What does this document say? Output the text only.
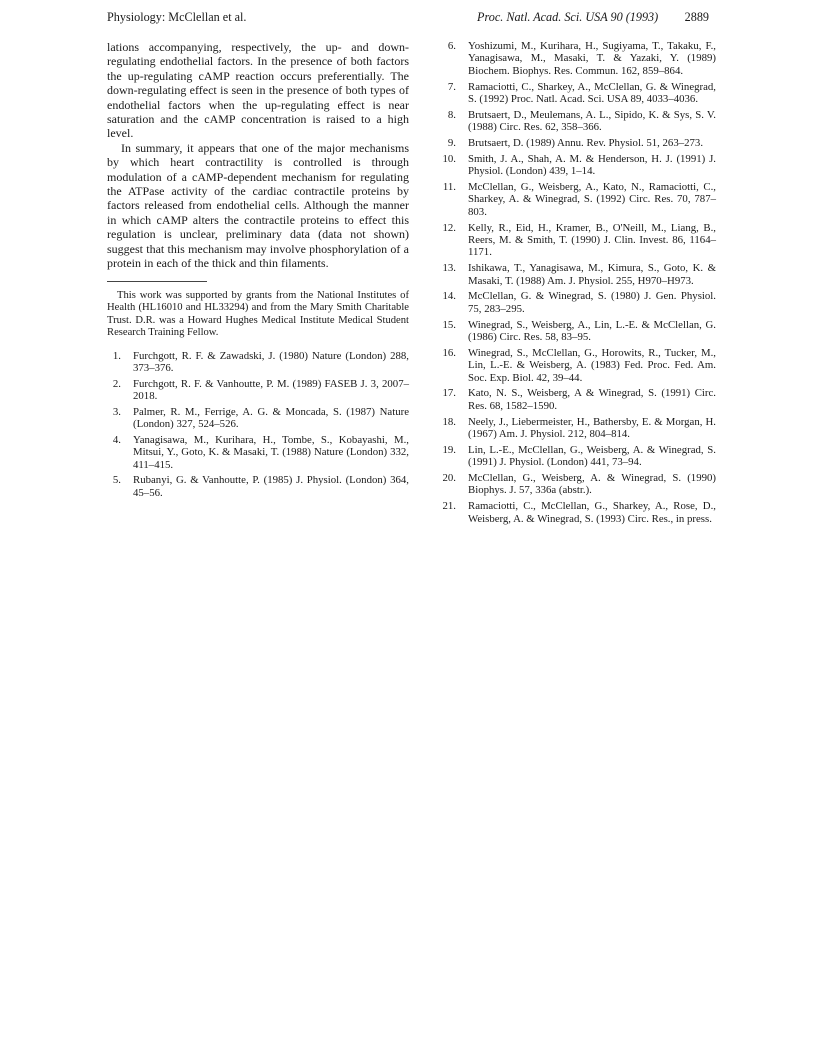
Physiology: McClellan et al.	Proc. Natl. Acad. Sci. USA 90 (1993) 2889

lations accompanying, respectively, the up- and down-regulating endothelial factors. In the presence of both factors the up-regulating cAMP reaction occurs preferentially. The down-regulating effect is seen in the presence of both types of endothelial factors when the up-regulating effect is near saturation and the cAMP concentration is raised to a high level.

In summary, it appears that one of the major mechanisms by which heart contractility is controlled is through modulation of a cAMP-dependent mechanism for regulating the ATPase activity of the cardiac contractile proteins by factors released from endothelial cells. Although the manner in which cAMP alters the contractile proteins to effect this regulation is unclear, preliminary data (data not shown) suggest that this mechanism may involve phosphorylation of a protein in each of the thick and thin filaments.

This work was supported by grants from the National Institutes of Health (HL16010 and HL33294) and from the Mary Smith Charitable Trust. D.R. was a Howard Hughes Medical Institute Medical Student Research Training Fellow.

1. Furchgott, R. F. & Zawadski, J. (1980) Nature (London) 288, 373–376.
2. Furchgott, R. F. & Vanhoutte, P. M. (1989) FASEB J. 3, 2007–2018.
3. Palmer, R. M., Ferrige, A. G. & Moncada, S. (1987) Nature (London) 327, 524–526.
4. Yanagisawa, M., Kurihara, H., Tombe, S., Kobayashi, M., Mitsui, Y., Goto, K. & Masaki, T. (1988) Nature (London) 332, 411–415.
5. Rubanyi, G. & Vanhoutte, P. (1985) J. Physiol. (London) 364, 45–56.
6. Yoshizumi, M., Kurihara, H., Sugiyama, T., Takaku, F., Yanagisawa, M., Masaki, T. & Yazaki, Y. (1989) Biochem. Biophys. Res. Commun. 162, 859–864.
7. Ramaciotti, C., Sharkey, A., McClellan, G. & Winegrad, S. (1992) Proc. Natl. Acad. Sci. USA 89, 4033–4036.
8. Brutsaert, D., Meulemans, A. L., Sipido, K. & Sys, S. V. (1988) Circ. Res. 62, 358–366.
9. Brutsaert, D. (1989) Annu. Rev. Physiol. 51, 263–273.
10. Smith, J. A., Shah, A. M. & Henderson, H. J. (1991) J. Physiol. (London) 439, 1–14.
11. McClellan, G., Weisberg, A., Kato, N., Ramaciotti, C., Sharkey, A. & Winegrad, S. (1992) Circ. Res. 70, 787–803.
12. Kelly, R., Eid, H., Kramer, B., O'Neill, M., Liang, B., Reers, M. & Smith, T. (1990) J. Clin. Invest. 86, 1164–1171.
13. Ishikawa, T., Yanagisawa, M., Kimura, S., Goto, K. & Masaki, T. (1988) Am. J. Physiol. 255, H970–H973.
14. McClellan, G. & Winegrad, S. (1980) J. Gen. Physiol. 75, 283–295.
15. Winegrad, S., Weisberg, A., Lin, L.-E. & McClellan, G. (1986) Circ. Res. 58, 83–95.
16. Winegrad, S., McClellan, G., Horowits, R., Tucker, M., Lin, L.-E. & Weisberg, A. (1983) Fed. Proc. Fed. Am. Soc. Exp. Biol. 42, 39–44.
17. Kato, N. S., Weisberg, A & Winegrad, S. (1991) Circ. Res. 68, 1582–1590.
18. Neely, J., Liebermeister, H., Bathersby, E. & Morgan, H. (1967) Am. J. Physiol. 212, 804–814.
19. Lin, L.-E., McClellan, G., Weisberg, A. & Winegrad, S. (1991) J. Physiol. (London) 441, 73–94.
20. McClellan, G., Weisberg, A. & Winegrad, S. (1990) Biophys. J. 57, 336a (abstr.).
21. Ramaciotti, C., McClellan, G., Sharkey, A., Rose, D., Weisberg, A. & Winegrad, S. (1993) Circ. Res., in press.
